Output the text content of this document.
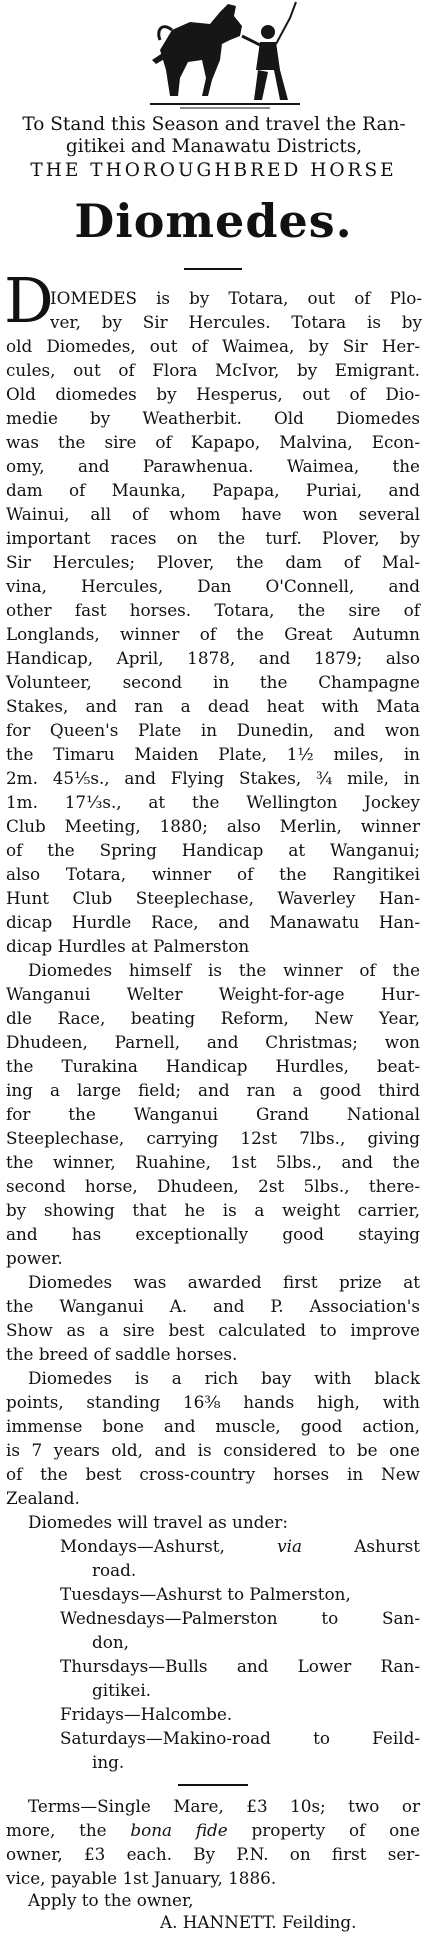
To Stand this Season and travel the Ran-
gitikei and Manawatu Districts,
THE THOROUGHBRED HORSE
Diomedes.
D
IOMEDES is by Totara, out of Plo-
ver, by Sir Hercules. Totara is by
old Diomedes, out of Waimea, by Sir Her-
cules, out of Flora McIvor, by Emigrant.
Old diomedes by Hesperus, out of Dio-
medie by Weatherbit. Old Diomedes
was the sire of Kapapo, Malvina, Econ-
omy, and Parawhenua. Waimea, the
dam of Maunka, Papapa, Puriai, and
Wainui, all of whom have won several
important races on the turf. Plover, by
Sir Hercules; Plover, the dam of Mal-
vina, Hercules, Dan O'Connell, and
other fast horses. Totara, the sire of
Longlands, winner of the Great Autumn
Handicap, April, 1878, and 1879; also
Volunteer, second in the Champagne
Stakes, and ran a dead heat with Mata
for Queen's Plate in Dunedin, and won
the Timaru Maiden Plate, 1½ miles, in
2m. 45⅕s., and Flying Stakes, ¾ mile, in
1m. 17⅓s., at the Wellington Jockey
Club Meeting, 1880; also Merlin, winner
of the Spring Handicap at Wanganui;
also Totara, winner of the Rangitikei
Hunt Club Steeplechase, Waverley Han-
dicap Hurdle Race, and Manawatu Han-
dicap Hurdles at Palmerston
Diomedes himself is the winner of the
Wanganui Welter Weight-for-age Hur-
dle Race, beating Reform, New Year,
Dhudeen, Parnell, and Christmas; won
the Turakina Handicap Hurdles, beat-
ing a large field; and ran a good third
for the Wanganui Grand National
Steeplechase, carrying 12st 7lbs., giving
the winner, Ruahine, 1st 5lbs., and the
second horse, Dhudeen, 2st 5lbs., there-
by showing that he is a weight carrier,
and has exceptionally good staying
power.
Diomedes was awarded first prize at
the Wanganui A. and P. Association's
Show as a sire best calculated to improve
the breed of saddle horses.
Diomedes is a rich bay with black
points, standing 16⅜ hands high, with
immense bone and muscle, good action,
is 7 years old, and is considered to be one
of the best cross-country horses in New
Zealand.
Diomedes will travel as under:
Mondays—Ashurst,	via	Ashurst
road.
Tuesdays—Ashurst to Palmerston,
Wednesdays—Palmerston to San-
don,
Thursdays—Bulls and Lower Ran-
gitikei.
Fridays—Halcombe.
Saturdays—Makino-road to Feild-
ing.
Terms—Single Mare, £3 10s; two or
more, the bona fide property of one
owner, £3 each. By P.N. on first ser-
vice, payable 1st January, 1886.
Apply to the owner,
A. HANNETT. Feilding.
